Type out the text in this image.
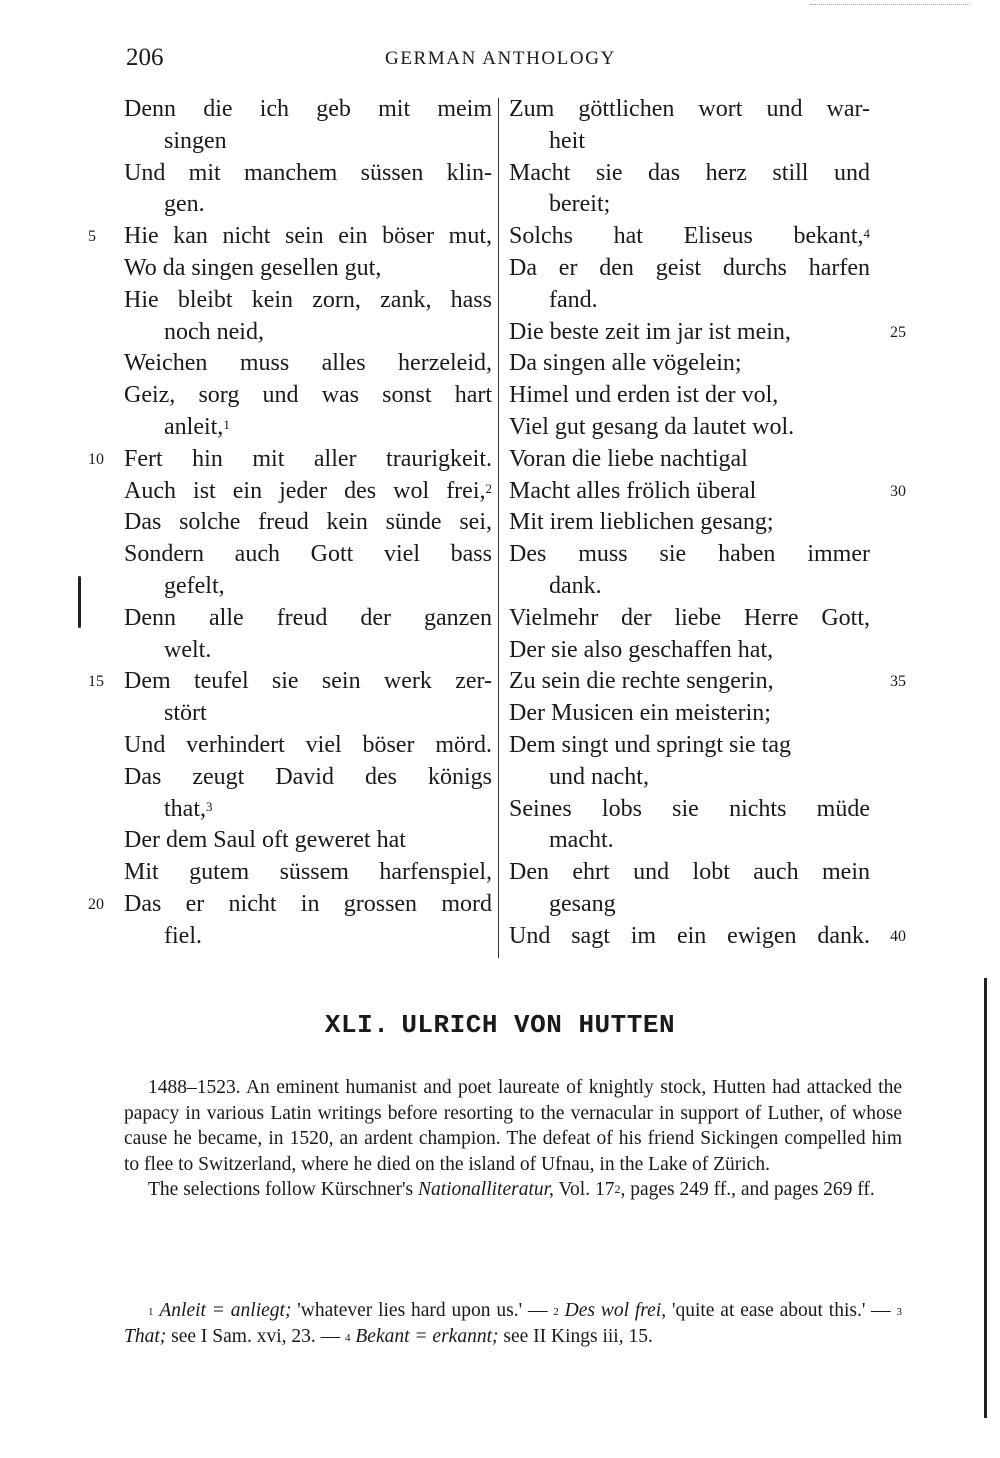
206	GERMAN ANTHOLOGY
Denn die ich geb mit meim
singen
Und mit manchem süssen klin-
gen.
Hie kan nicht sein ein böser mut,
5
Wo da singen gesellen gut,
Hie bleibt kein zorn, zank, hass
noch neid,
Weichen muss alles herzeleid,
Geiz, sorg und was sonst hart
anleit,$^1$
Fert hin mit aller traurigkeit.
10
Auch ist ein jeder des wol frei,$^2$
Das solche freud kein sünde sei,
Sondern auch Gott viel bass
gefelt,
Denn alle freud der ganzen
welt.
Dem teufel sie sein werk zer-
15
stört
Und verhindert viel böser mörd.
Das zeugt David des königs
that,$^3$
Der dem Saul oft geweret hat
Mit gutem süssem harfenspiel,
Das er nicht in grossen mord
20
fiel.
Zum göttlichen wort und war-
heit
Macht sie das herz still und
bereit;
Solchs hat Eliseus bekant,$^4$
Da er den geist durchs harfen
fand.
Die beste zeit im jar ist mein,	25
Da singen alle vögelein;
Himel und erden ist der vol,
Viel gut gesang da lautet wol.
Voran die liebe nachtigal
Macht alles frölich überal	30
Mit irem lieblichen gesang;
Des muss sie haben immer
dank.
Vielmehr der liebe Herre Gott,
Der sie also geschaffen hat,
Zu sein die rechte sengerin,	35
Der Musicen ein meisterin;
Dem singt und springt sie tag
und nacht,
Seines lobs sie nichts müde
macht.
Den ehrt und lobt auch mein
gesang
Und sagt im ein ewigen dank. 40
XLI. ULRICH VON HUTTEN

1488–1523. An eminent humanist and poet laureate of knightly stock, Hutten had attacked the papacy in various Latin writings before resorting to the vernacular in support of Luther, of whose cause he became, in 1520, an ardent champion. The defeat of his friend Sickingen compelled him to flee to Switzerland, where he died on the island of Ufnau, in the Lake of Zürich.

The selections follow Kürschner's Nationalliteratur, Vol. $17^2$, pages 249 ff., and pages 269 ff.

$^1$ Anleit = anliegt; 'whatever lies hard upon us.' — $^2$ Des wol frei, 'quite at ease about this.' — $^3$ That; see I Sam. xvi, 23. — $^4$ Bekant = erkannt; see II Kings iii, 15.
